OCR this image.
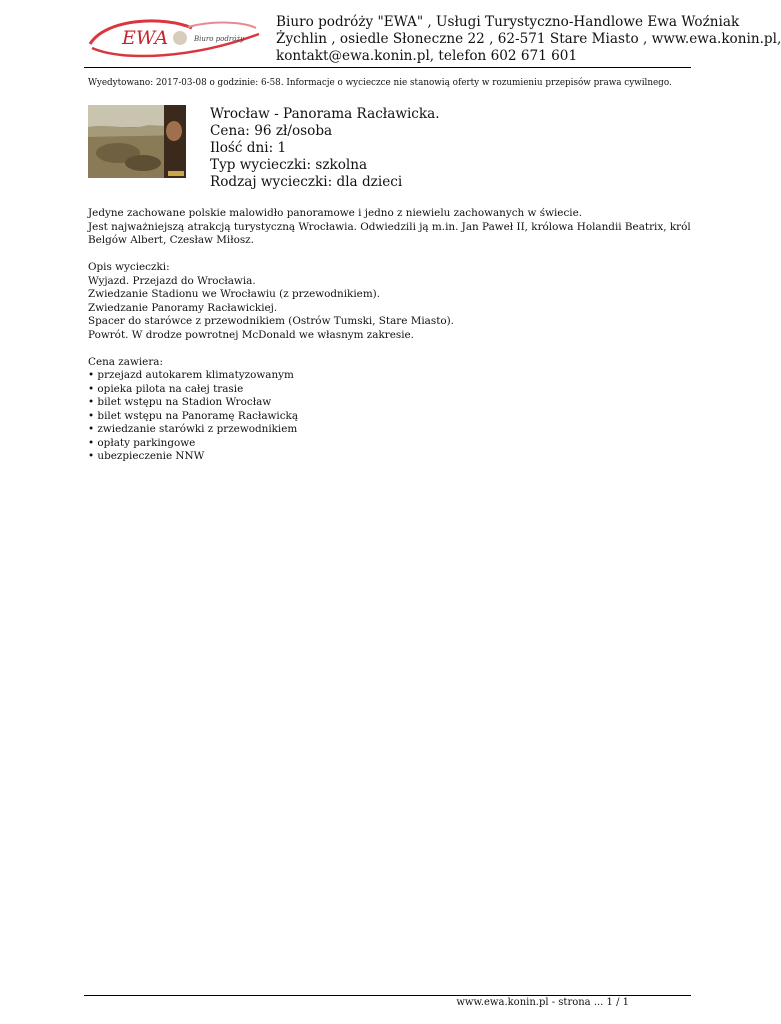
EWA	Biuro podróży
Biuro podróży "EWA" , Usługi Turystyczno-Handlowe Ewa Woźniak
Żychlin , osiedle Słoneczne 22 , 62-571 Stare Miasto , www.ewa.konin.pl,
kontakt@ewa.konin.pl, telefon 602 671 601
Wyedytowano: 2017-03-08 o godzinie: 6-58. Informacje o wycieczce nie stanowią oferty w rozumieniu przepisów prawa cywilnego.
Wrocław - Panorama Racławicka.
Cena: 96 zł/osoba
Ilość dni: 1
Typ wycieczki: szkolna
Rodzaj wycieczki: dla dzieci

Jedyne zachowane polskie malowidło panoramowe i jedno z niewielu zachowanych w świecie.

Jest najważniejszą atrakcją turystyczną Wrocławia. Odwiedzili ją m.in. Jan Paweł II, królowa Holandii Beatrix, król Belgów Albert, Czesław Miłosz.

Opis wycieczki:

Wyjazd. Przejazd do Wrocławia.

Zwiedzanie Stadionu we Wrocławiu (z przewodnikiem).

Zwiedzanie Panoramy Racławickiej.

Spacer do starówce z przewodnikiem (Ostrów Tumski, Stare Miasto).

Powrót. W drodze powrotnej McDonald we własnym zakresie.

Cena zawiera:

• przejazd autokarem klimatyzowanym
• opieka pilota na całej trasie
• bilet wstępu na Stadion Wrocław
• bilet wstępu na Panoramę Racławicką
• zwiedzanie starówki z przewodnikiem
• opłaty parkingowe
• ubezpieczenie NNW
www.ewa.konin.pl - strona ... 1 / 1
